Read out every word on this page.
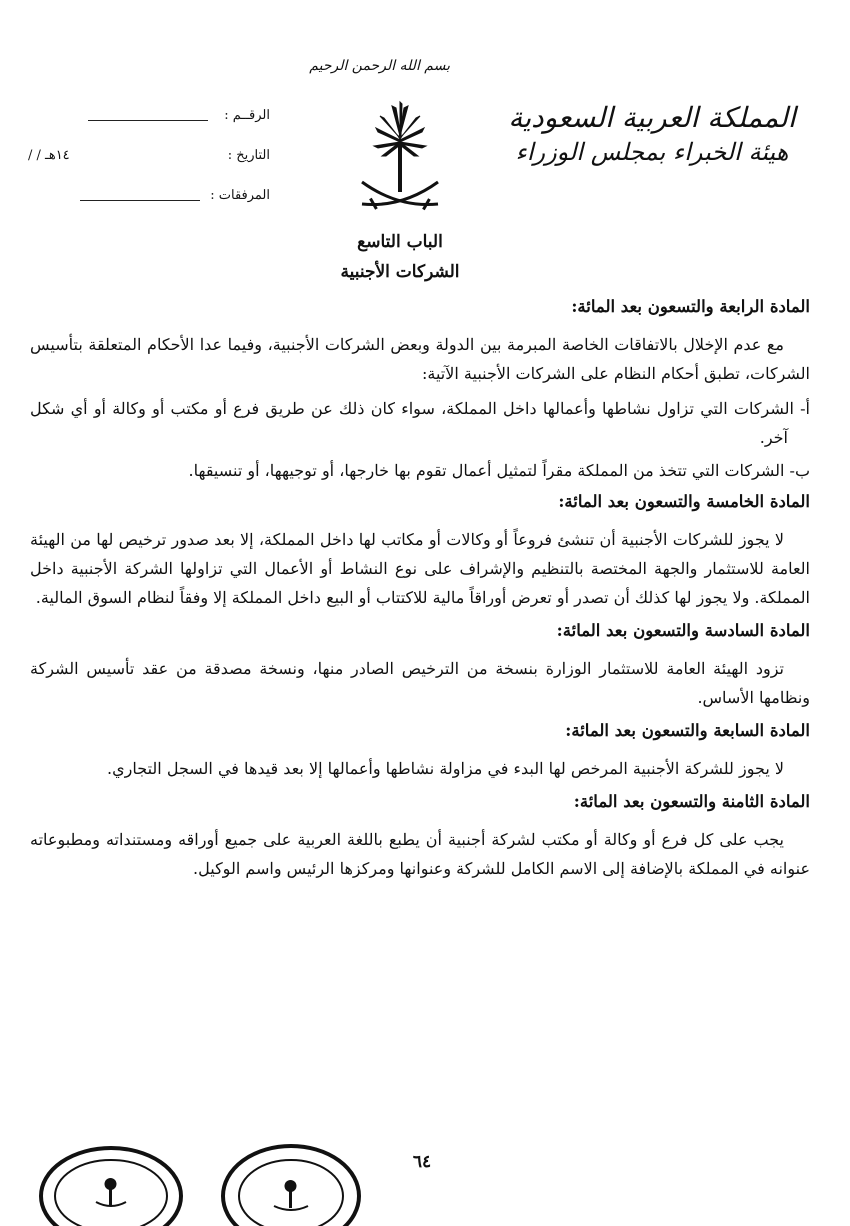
المملكة العربية السعودية
هيئة الخبراء بمجلس الوزراء
بسم الله الرحمن الرحيم
الرقــم :
التاريخ :
/ / ١٤هـ
المرفقات :
الباب التاسع
الشركات الأجنبية
المادة الرابعة والتسعون بعد المائة:

مع عدم الإخلال بالاتفاقات الخاصة المبرمة بين الدولة وبعض الشركات الأجنبية، وفيما عدا الأحكام المتعلقة بتأسيس الشركات، تطبق أحكام النظام على الشركات الأجنبية الآتية:

أ- الشركات التي تزاول نشاطها وأعمالها داخل المملكة، سواء كان ذلك عن طريق فرع أو مكتب أو وكالة أو أي شكل آخر.

ب- الشركات التي تتخذ من المملكة مقراً لتمثيل أعمال تقوم بها خارجها، أو توجيهها، أو تنسيقها.

المادة الخامسة والتسعون بعد المائة:

لا يجوز للشركات الأجنبية أن تنشئ فروعاً أو وكالات أو مكاتب لها داخل المملكة، إلا بعد صدور ترخيص لها من الهيئة العامة للاستثمار والجهة المختصة بالتنظيم والإشراف على نوع النشاط أو الأعمال التي تزاولها الشركة الأجنبية داخل المملكة. ولا يجوز لها كذلك أن تصدر أو تعرض أوراقاً مالية للاكتتاب أو البيع داخل المملكة إلا وفقاً لنظام السوق المالية.

المادة السادسة والتسعون بعد المائة:

تزود الهيئة العامة للاستثمار الوزارة بنسخة من الترخيص الصادر منها، ونسخة مصدقة من عقد تأسيس الشركة ونظامها الأساس.

المادة السابعة والتسعون بعد المائة:

لا يجوز للشركة الأجنبية المرخص لها البدء في مزاولة نشاطها وأعمالها إلا بعد قيدها في السجل التجاري.

المادة الثامنة والتسعون بعد المائة:

يجب على كل فرع أو وكالة أو مكتب لشركة أجنبية أن يطبع باللغة العربية على جميع أوراقه ومستنداته ومطبوعاته عنوانه في المملكة بالإضافة إلى الاسم الكامل للشركة وعنوانها ومركزها الرئيس واسم الوكيل.

٦٤
